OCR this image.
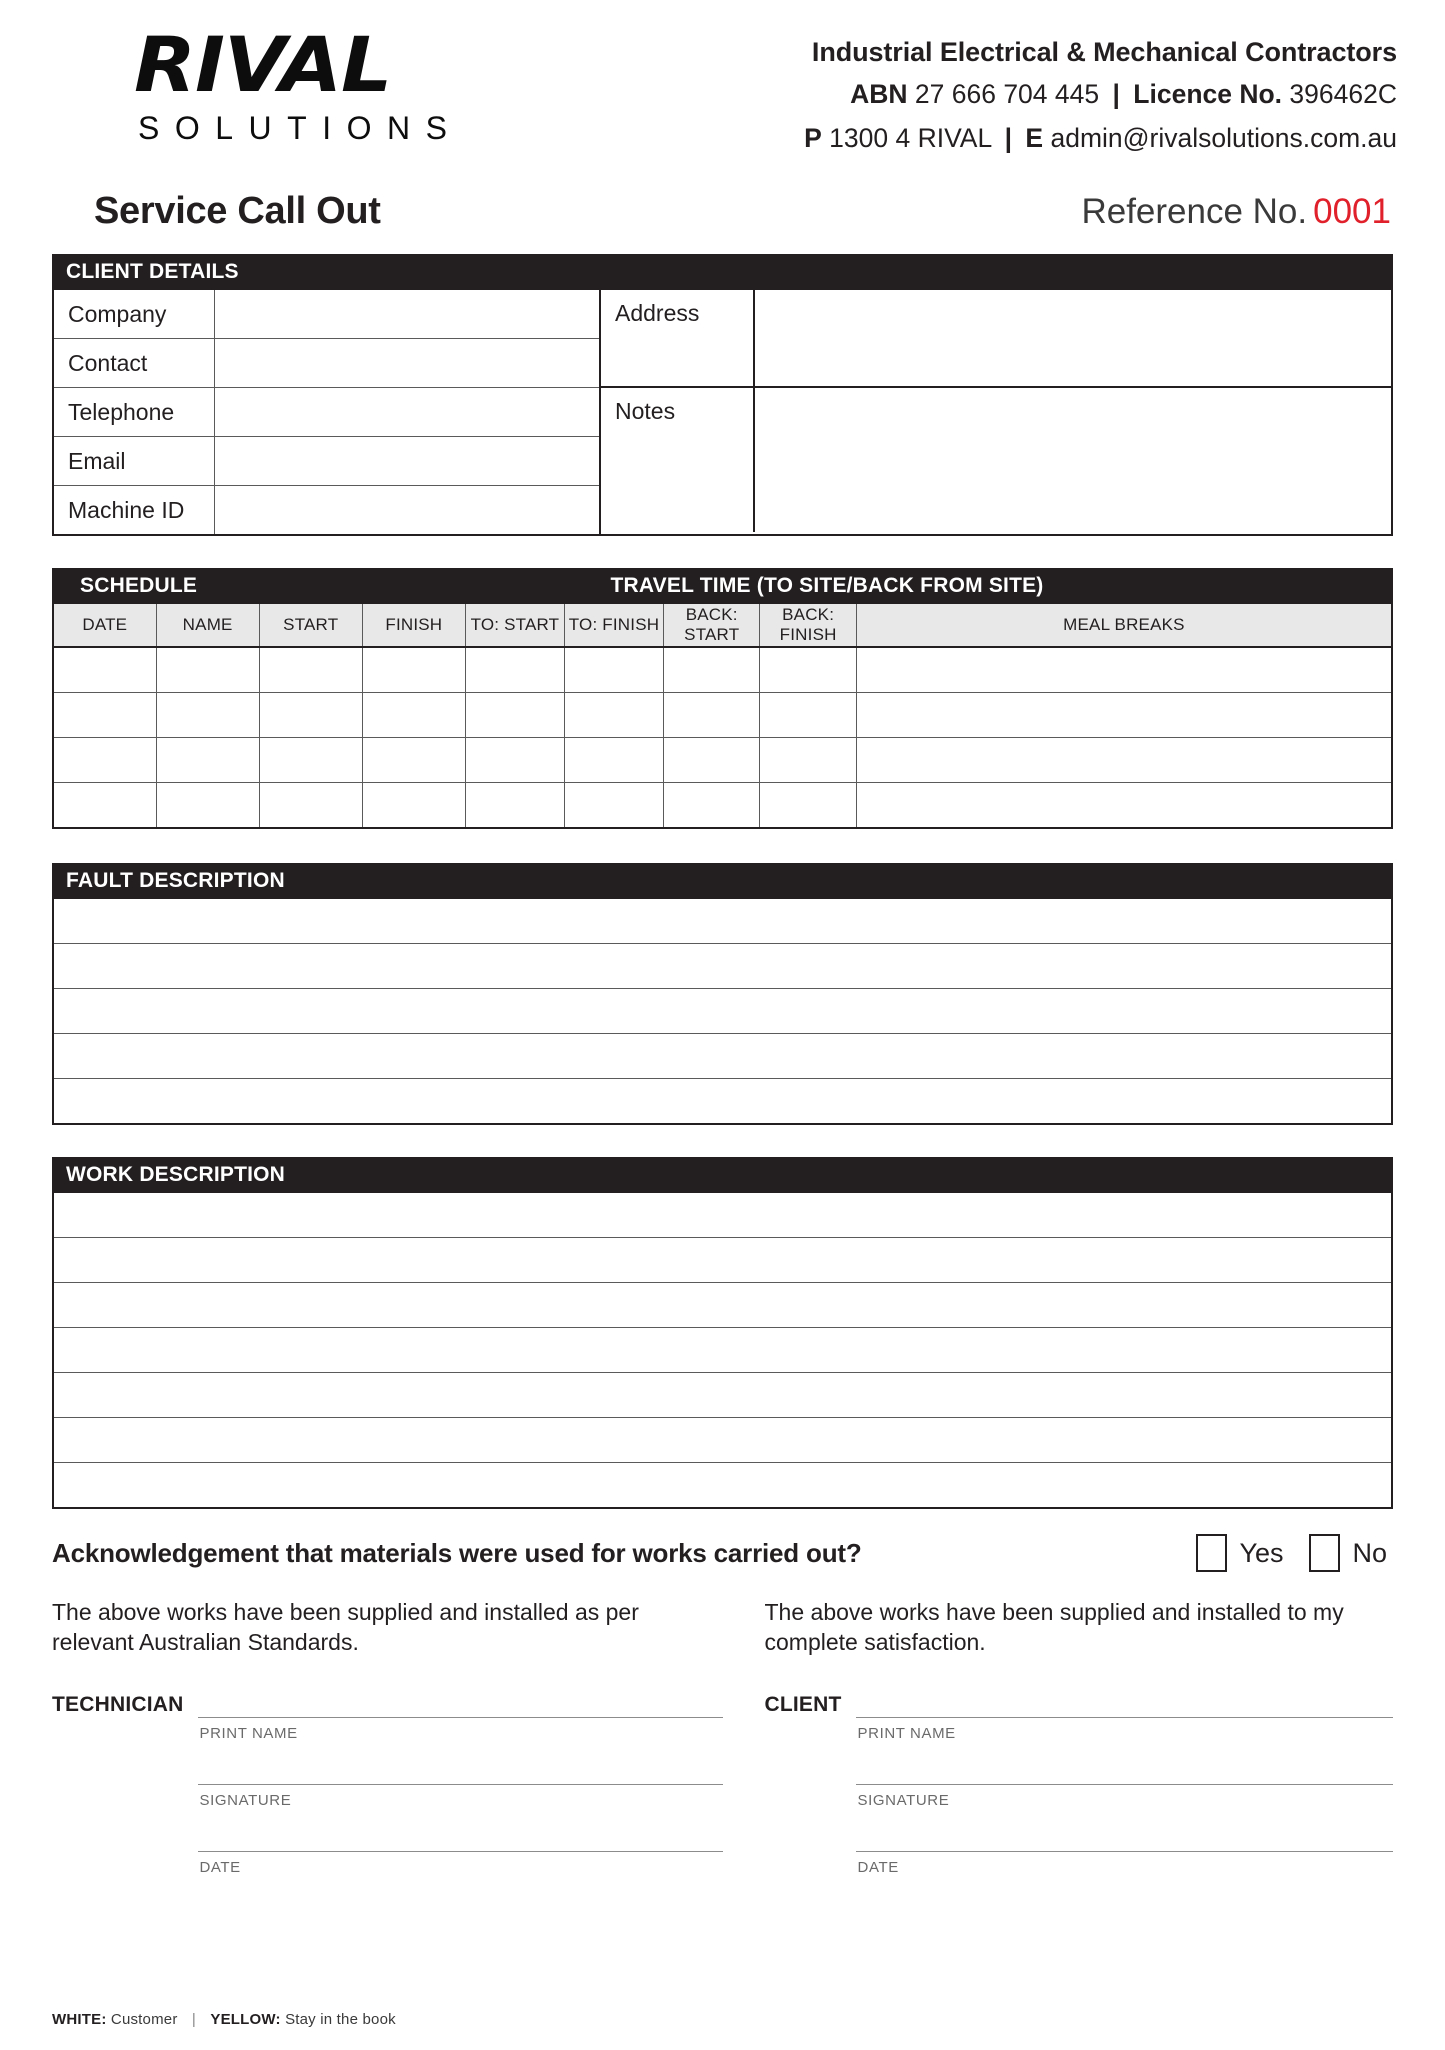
RIVAL
SOLUTIONS
Industrial Electrical & Mechanical Contractors
ABN 27 666 704 445 | Licence No. 396462C
P 1300 4 RIVAL | E admin@rivalsolutions.com.au
Service Call Out	Reference No. 0001
CLIENT DETAILS
Company
Contact
Telephone
Email
Machine ID
Address
Notes
SCHEDULE	TRAVEL TIME (TO SITE/BACK FROM SITE)
DATE	NAME	START	FINISH	TO: START	TO: FINISH	BACK: START	BACK: FINISH	MEAL BREAKS

FAULT DESCRIPTION
WORK DESCRIPTION
Acknowledgement that materials were used for works carried out?	Yes	No
The above works have been supplied and installed as per relevant Australian Standards.
TECHNICIAN
PRINT NAME
SIGNATURE
DATE
The above works have been supplied and installed to my complete satisfaction.
CLIENT
PRINT NAME
SIGNATURE
DATE
WHITE: Customer | YELLOW: Stay in the book
